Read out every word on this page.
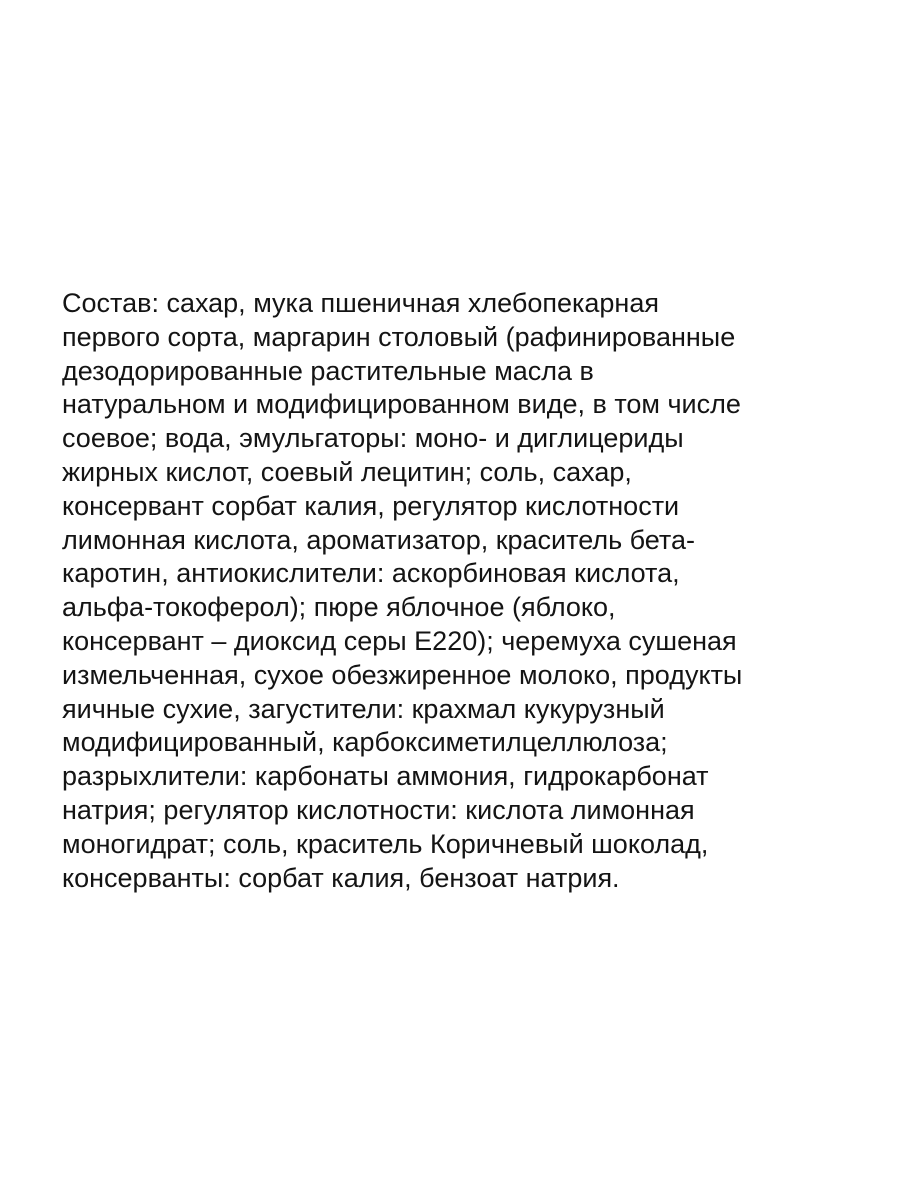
Состав: сахар, мука пшеничная хлебопекарная
первого сорта, маргарин столовый (рафинированные
дезодорированные растительные масла в
натуральном и модифицированном виде, в том числе
соевое; вода, эмульгаторы: моно- и диглицериды
жирных кислот, соевый лецитин; соль, сахар,
консервант сорбат калия, регулятор кислотности
лимонная кислота, ароматизатор, краситель бета-
каротин, антиокислители: аскорбиновая кислота,
альфа-токоферол); пюре яблочное (яблоко,
консервант – диоксид серы Е220); черемуха сушеная
измельченная, сухое обезжиренное молоко, продукты
яичные сухие, загустители: крахмал кукурузный
модифицированный, карбоксиметилцеллюлоза;
разрыхлители: карбонаты аммония, гидрокарбонат
натрия; регулятор кислотности: кислота лимонная
моногидрат; соль, краситель Коричневый шоколад,
консерванты: сорбат калия, бензоат натрия.
